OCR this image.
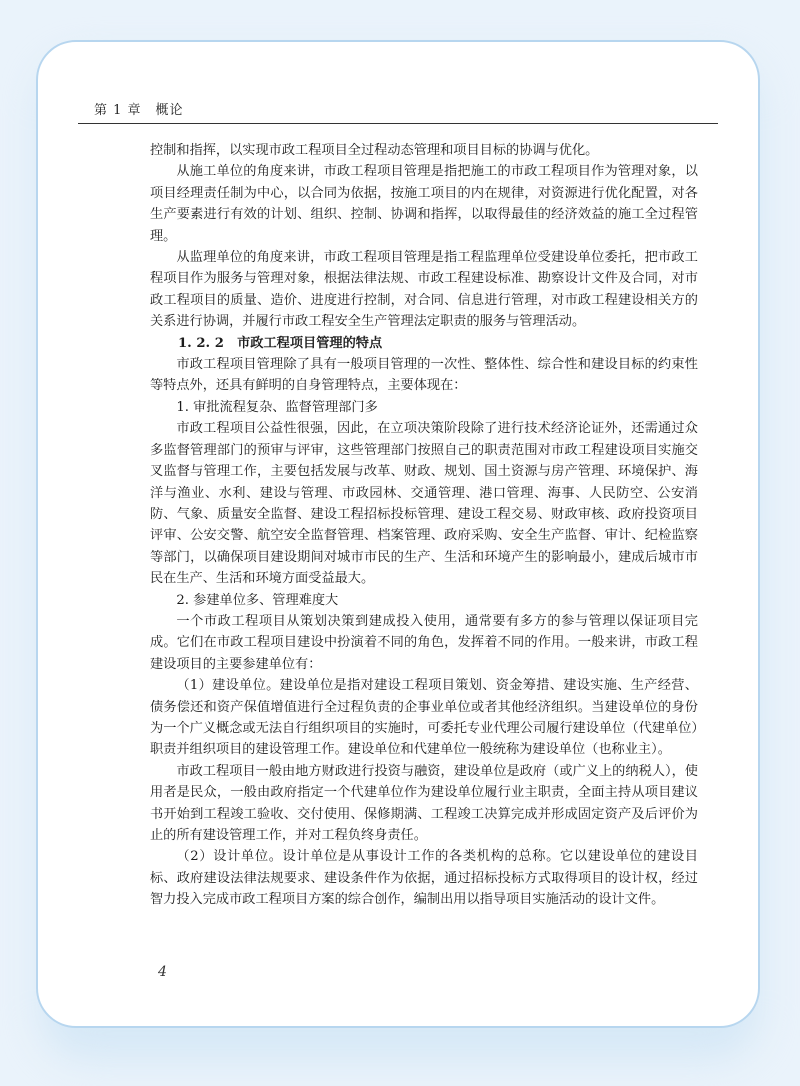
第 1 章　概论

控制和指挥，以实现市政工程项目全过程动态管理和项目目标的协调与优化。

从施工单位的角度来讲，市政工程项目管理是指把施工的市政工程项目作为管理对象，以项目经理责任制为中心，以合同为依据，按施工项目的内在规律，对资源进行优化配置，对各生产要素进行有效的计划、组织、控制、协调和指挥，以取得最佳的经济效益的施工全过程管理。

从监理单位的角度来讲，市政工程项目管理是指工程监理单位受建设单位委托，把市政工程项目作为服务与管理对象，根据法律法规、市政工程建设标准、勘察设计文件及合同，对市政工程项目的质量、造价、进度进行控制，对合同、信息进行管理，对市政工程建设相关方的关系进行协调，并履行市政工程安全生产管理法定职责的服务与管理活动。

1. 2. 2　市政工程项目管理的特点

市政工程项目管理除了具有一般项目管理的一次性、整体性、综合性和建设目标的约束性等特点外，还具有鲜明的自身管理特点，主要体现在：

1. 审批流程复杂、监督管理部门多

市政工程项目公益性很强，因此，在立项决策阶段除了进行技术经济论证外，还需通过众多监督管理部门的预审与评审，这些管理部门按照自己的职责范围对市政工程建设项目实施交叉监督与管理工作，主要包括发展与改革、财政、规划、国土资源与房产管理、环境保护、海洋与渔业、水利、建设与管理、市政园林、交通管理、港口管理、海事、人民防空、公安消防、气象、质量安全监督、建设工程招标投标管理、建设工程交易、财政审核、政府投资项目评审、公安交警、航空安全监督管理、档案管理、政府采购、安全生产监督、审计、纪检监察等部门，以确保项目建设期间对城市市民的生产、生活和环境产生的影响最小，建成后城市市民在生产、生活和环境方面受益最大。

2. 参建单位多、管理难度大

一个市政工程项目从策划决策到建成投入使用，通常要有多方的参与管理以保证项目完成。它们在市政工程项目建设中扮演着不同的角色，发挥着不同的作用。一般来讲，市政工程建设项目的主要参建单位有：

（1）建设单位。建设单位是指对建设工程项目策划、资金筹措、建设实施、生产经营、债务偿还和资产保值增值进行全过程负责的企事业单位或者其他经济组织。当建设单位的身份为一个广义概念或无法自行组织项目的实施时，可委托专业代理公司履行建设单位（代建单位）职责并组织项目的建设管理工作。建设单位和代建单位一般统称为建设单位（也称业主）。

市政工程项目一般由地方财政进行投资与融资，建设单位是政府（或广义上的纳税人），使用者是民众，一般由政府指定一个代建单位作为建设单位履行业主职责，全面主持从项目建议书开始到工程竣工验收、交付使用、保修期满、工程竣工决算完成并形成固定资产及后评价为止的所有建设管理工作，并对工程负终身责任。

（2）设计单位。设计单位是从事设计工作的各类机构的总称。它以建设单位的建设目标、政府建设法律法规要求、建设条件作为依据，通过招标投标方式取得项目的设计权，经过智力投入完成市政工程项目方案的综合创作，编制出用以指导项目实施活动的设计文件。

4
